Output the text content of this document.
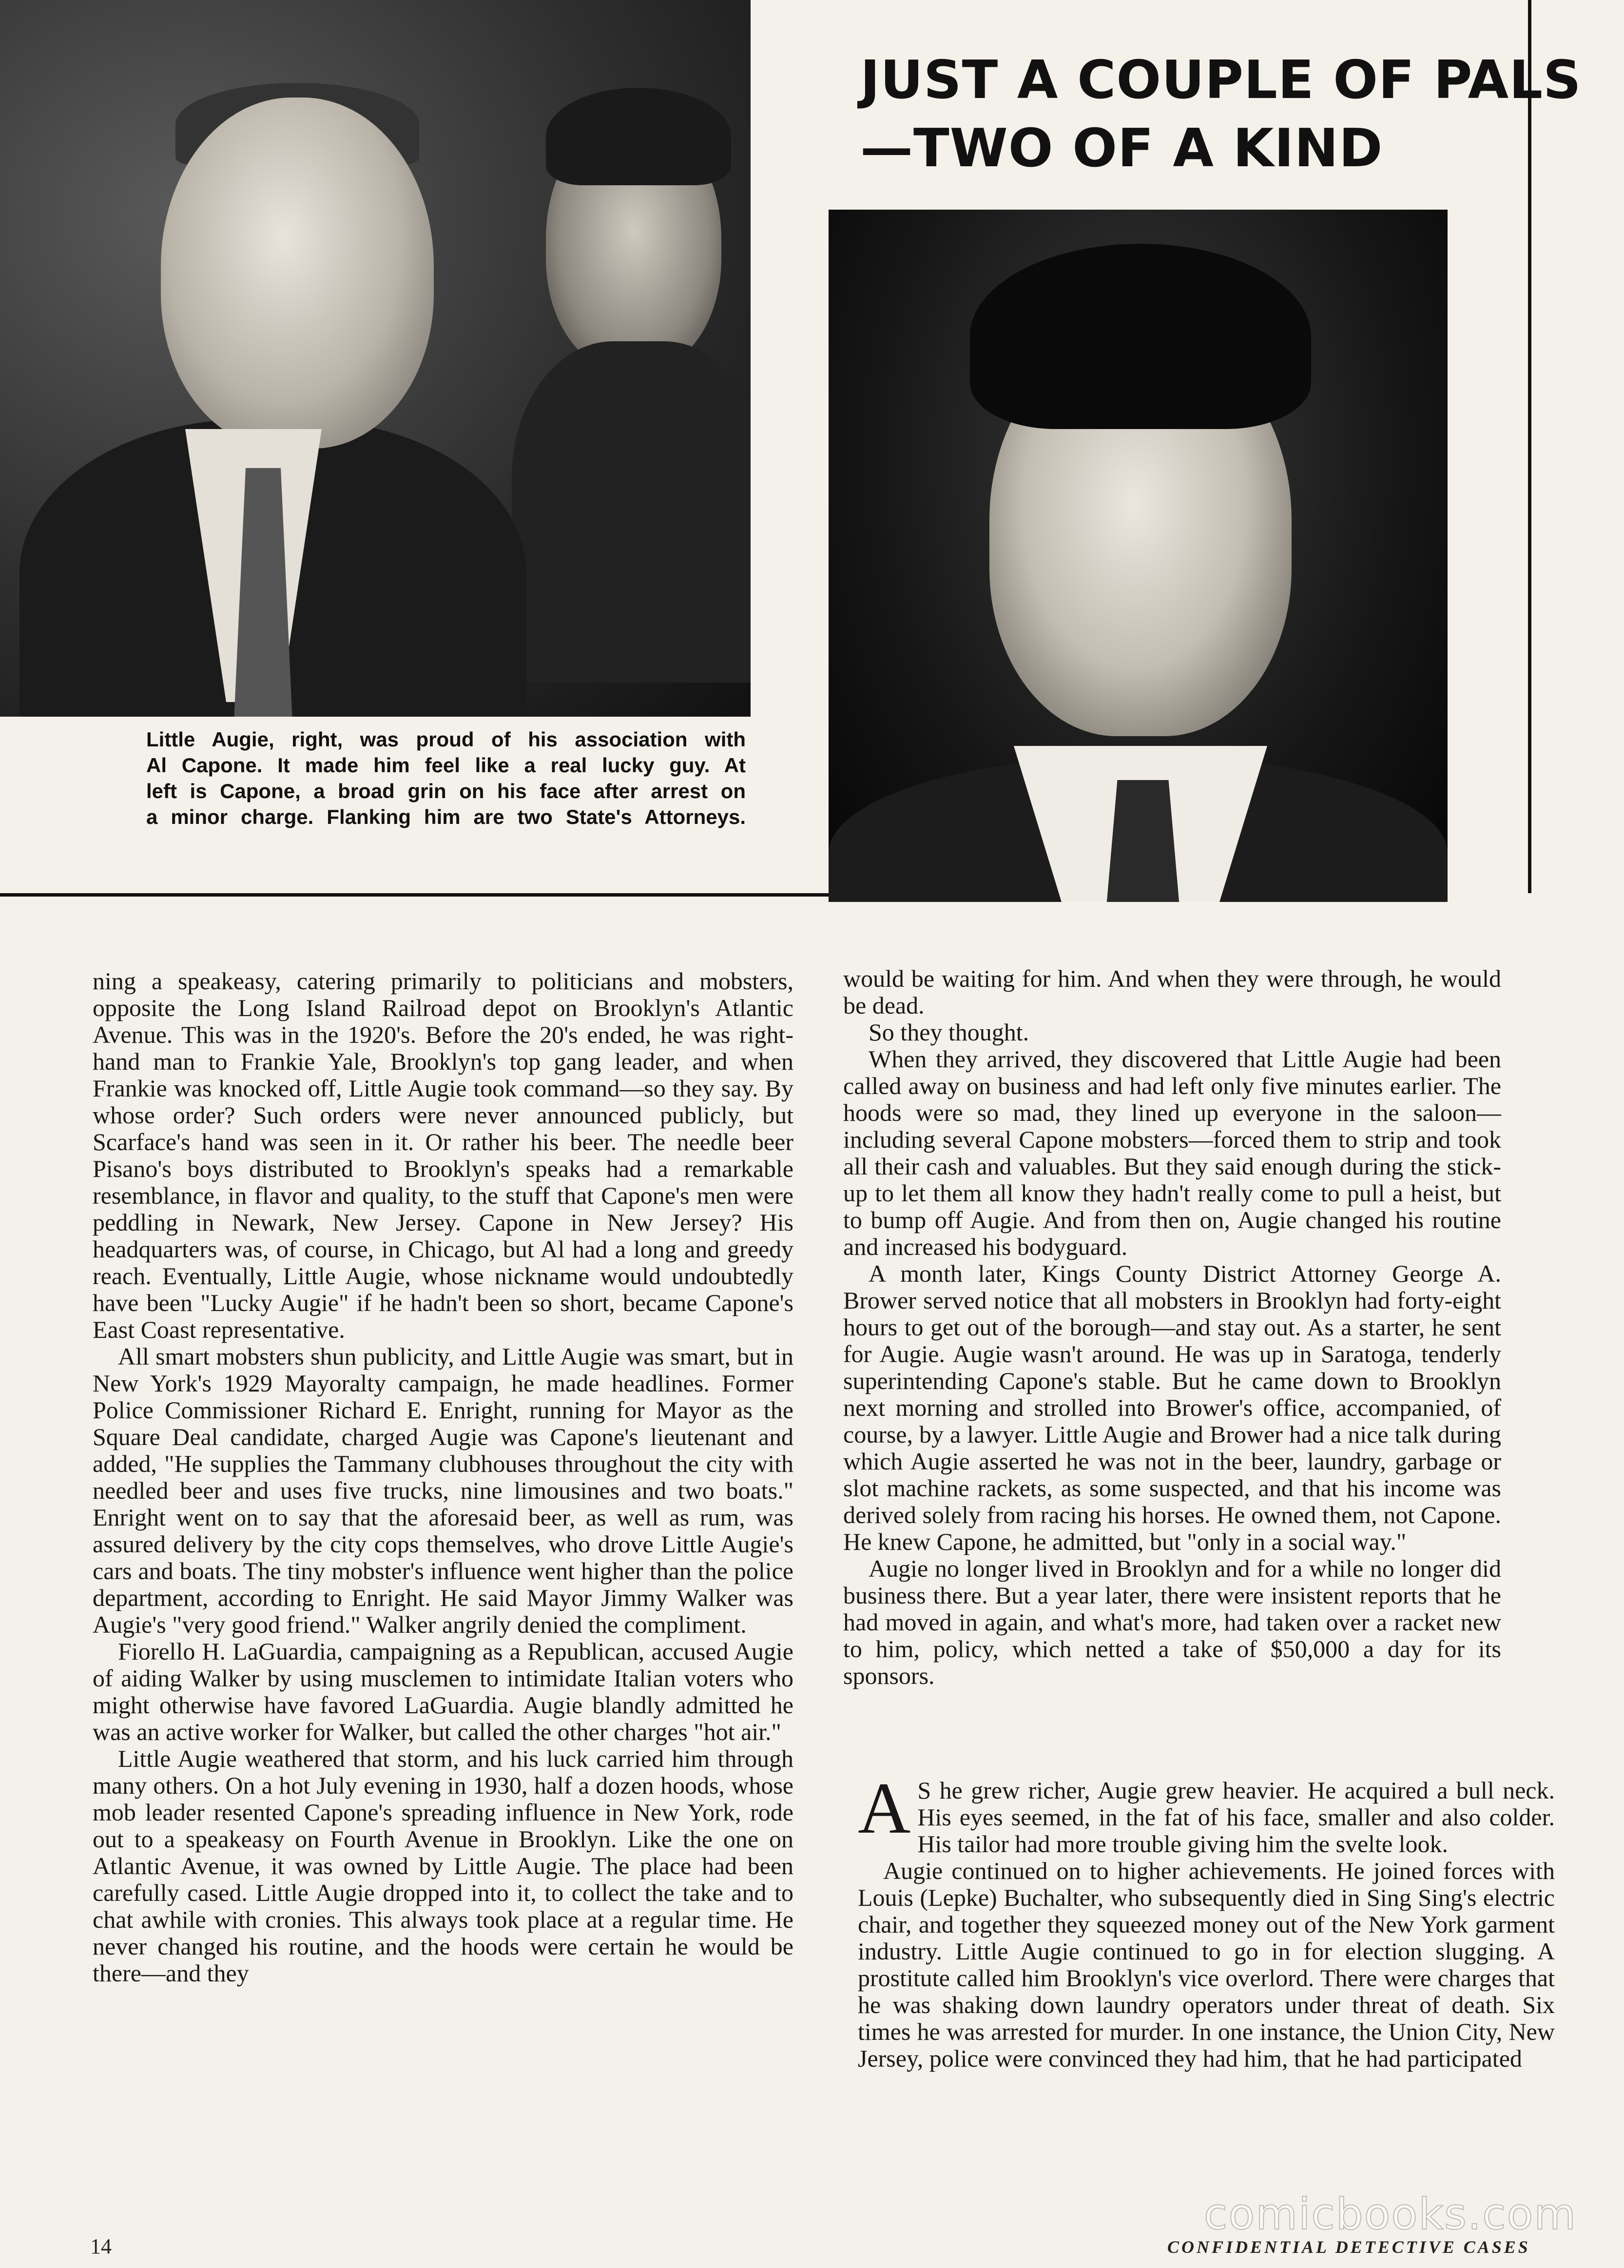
Little Augie, right, was proud of his association with
Al Capone. It made him feel like a real lucky guy. At
left is Capone, a broad grin on his face after arrest on
a minor charge. Flanking him are two State's Attorneys.
JUST A COUPLE OF PALS
—TWO OF A KIND

ning a speakeasy, catering primarily to politicians and mobsters, opposite the Long Island Railroad depot on Brooklyn's Atlantic Avenue. This was in the 1920's. Before the 20's ended, he was right-hand man to Frankie Yale, Brooklyn's top gang leader, and when Frankie was knocked off, Little Augie took command—so they say. By whose order? Such orders were never announced publicly, but Scarface's hand was seen in it. Or rather his beer. The needle beer Pisano's boys distributed to Brooklyn's speaks had a remarkable resemblance, in flavor and quality, to the stuff that Capone's men were peddling in Newark, New Jersey. Capone in New Jersey? His headquarters was, of course, in Chicago, but Al had a long and greedy reach. Eventually, Little Augie, whose nickname would undoubtedly have been "Lucky Augie" if he hadn't been so short, became Capone's East Coast representative.

All smart mobsters shun publicity, and Little Augie was smart, but in New York's 1929 Mayoralty campaign, he made headlines. Former Police Commissioner Richard E. Enright, running for Mayor as the Square Deal candidate, charged Augie was Capone's lieutenant and added, "He supplies the Tammany clubhouses throughout the city with needled beer and uses five trucks, nine limousines and two boats." Enright went on to say that the aforesaid beer, as well as rum, was assured delivery by the city cops themselves, who drove Little Augie's cars and boats. The tiny mobster's influence went higher than the police department, according to Enright. He said Mayor Jimmy Walker was Augie's "very good friend." Walker angrily denied the compliment.

Fiorello H. LaGuardia, campaigning as a Republican, accused Augie of aiding Walker by using musclemen to intimidate Italian voters who might otherwise have favored LaGuardia. Augie blandly admitted he was an active worker for Walker, but called the other charges "hot air."

Little Augie weathered that storm, and his luck carried him through many others. On a hot July evening in 1930, half a dozen hoods, whose mob leader resented Capone's spreading influence in New York, rode out to a speakeasy on Fourth Avenue in Brooklyn. Like the one on Atlantic Avenue, it was owned by Little Augie. The place had been carefully cased. Little Augie dropped into it, to collect the take and to chat awhile with cronies. This always took place at a regular time. He never changed his routine, and the hoods were certain he would be there—and they

would be waiting for him. And when they were through, he would be dead.

So they thought.

When they arrived, they discovered that Little Augie had been called away on business and had left only five minutes earlier. The hoods were so mad, they lined up everyone in the saloon—including several Capone mobsters—forced them to strip and took all their cash and valuables. But they said enough during the stick-up to let them all know they hadn't really come to pull a heist, but to bump off Augie. And from then on, Augie changed his routine and increased his bodyguard.

A month later, Kings County District Attorney George A. Brower served notice that all mobsters in Brooklyn had forty-eight hours to get out of the borough—and stay out. As a starter, he sent for Augie. Augie wasn't around. He was up in Saratoga, tenderly superintending Capone's stable. But he came down to Brooklyn next morning and strolled into Brower's office, accompanied, of course, by a lawyer. Little Augie and Brower had a nice talk during which Augie asserted he was not in the beer, laundry, garbage or slot machine rackets, as some suspected, and that his income was derived solely from racing his horses. He owned them, not Capone. He knew Capone, he admitted, but "only in a social way."

Augie no longer lived in Brooklyn and for a while no longer did business there. But a year later, there were insistent reports that he had moved in again, and what's more, had taken over a racket new to him, policy, which netted a take of $50,000 a day for its sponsors.

A S he grew richer, Augie grew heavier. He acquired a bull neck. His eyes seemed, in the fat of his face, smaller and also colder. His tailor had more trouble giving him the svelte look.

Augie continued on to higher achievements. He joined forces with Louis (Lepke) Buchalter, who subsequently died in Sing Sing's electric chair, and together they squeezed money out of the New York garment industry. Little Augie continued to go in for election slugging. A prostitute called him Brooklyn's vice overlord. There were charges that he was shaking down laundry operators under threat of death. Six times he was arrested for murder. In one instance, the Union City, New Jersey, police were convinced they had him, that he had participated

comicbooks.com
14	CONFIDENTIAL DETECTIVE CASES
